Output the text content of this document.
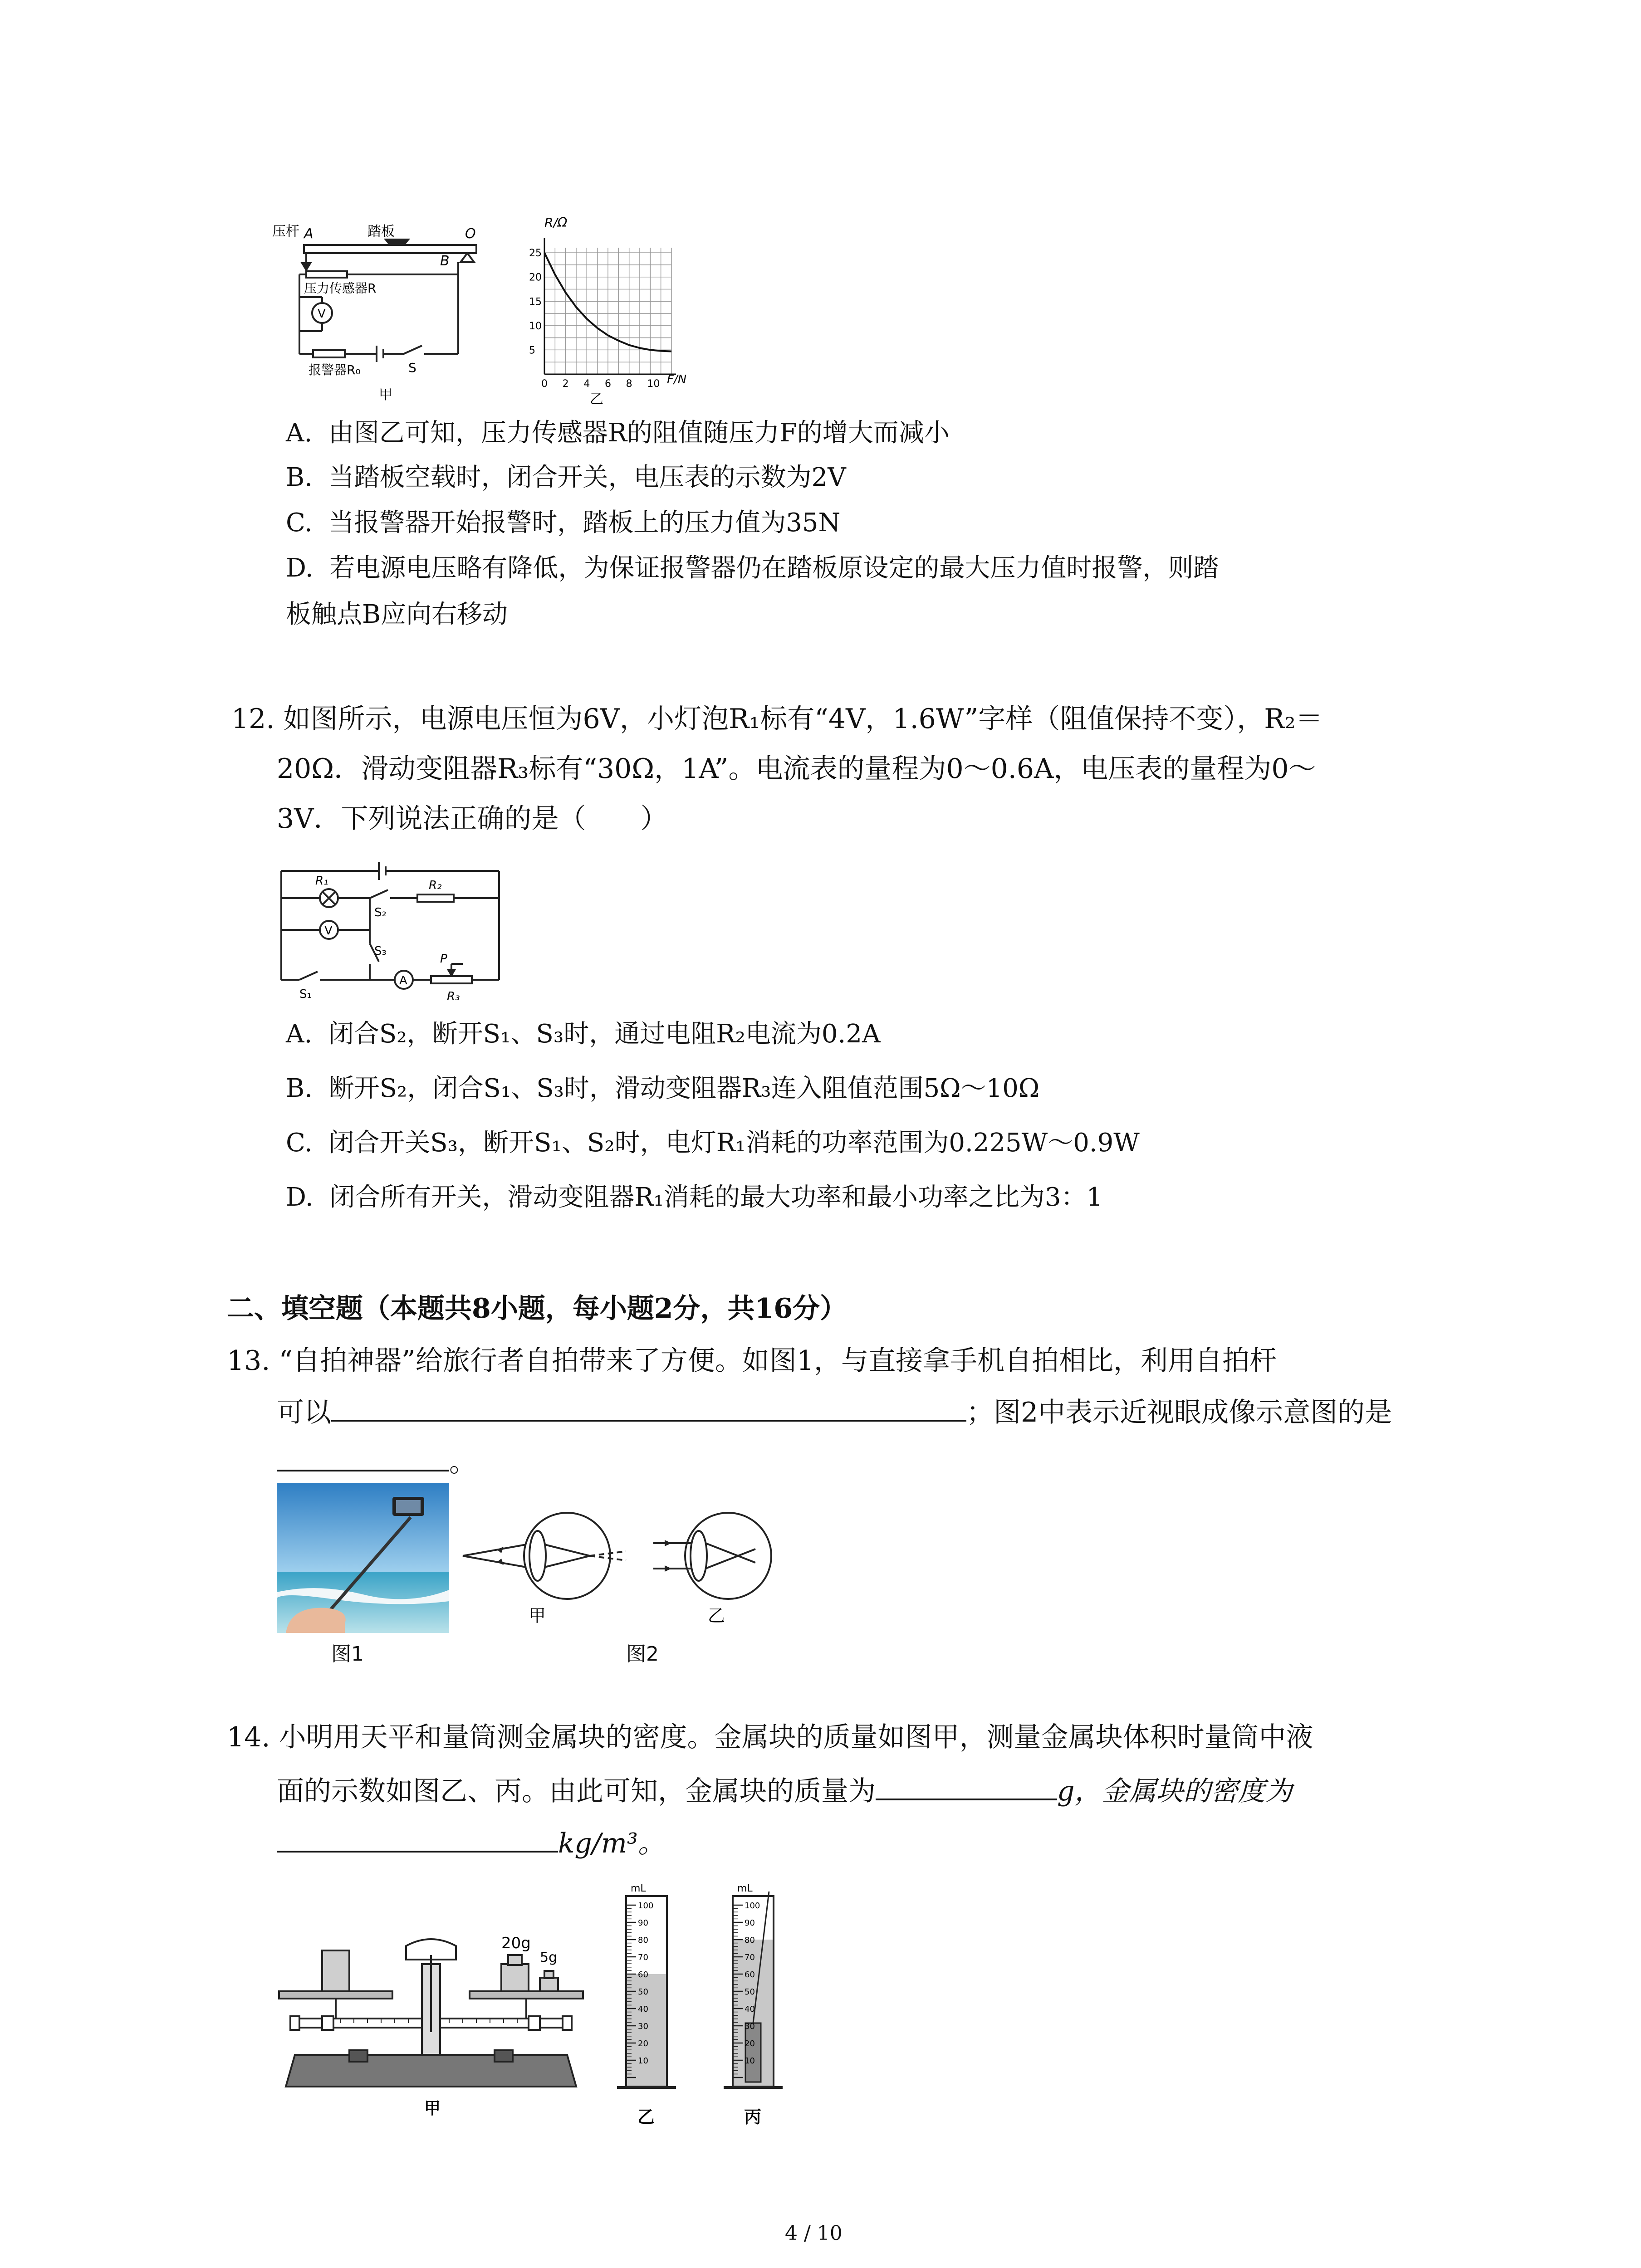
压杆 A	踏板	O
B
压力传感器R
V
报警器R₀	S
甲
0 2 4 6 8 10
5
10
15
20
25
R/Ω
F/N
乙
A. 由图乙可知，压力传感器R的阻值随压力F的增大而减小
B. 当踏板空载时，闭合开关，电压表的示数为2V
C. 当报警器开始报警时，踏板上的压力值为35N
D. 若电源电压略有降低，为保证报警器仍在踏板原设定的最大压力值时报警，则踏
板触点B应向右移动
12. 如图所示，电源电压恒为6V，小灯泡R₁标有“4V，1.6W”字样（阻值保持不变），R₂＝
20Ω．滑动变阻器R₃标有“30Ω，1A”。电流表的量程为0～0.6A，电压表的量程为0～
3V．下列说法正确的是（　　）
R₁
V
S₂
R₂
S₃
S₁
A
P
R₃
A. 闭合S₂，断开S₁、S₃时，通过电阻R₂电流为0.2A
B. 断开S₂，闭合S₁、S₃时，滑动变阻器R₃连入阻值范围5Ω～10Ω
C. 闭合开关S₃，断开S₁、S₂时，电灯R₁消耗的功率范围为0.225W～0.9W
D. 闭合所有开关，滑动变阻器R₁消耗的最大功率和最小功率之比为3：1
二、填空题（本题共8小题，每小题2分，共16分）
13. “自拍神器”给旅行者自拍带来了方便。如图1，与直接拿手机自拍相比，利用自拍杆
可以	；图2中表示近视眼成像示意图的是
。
图1
甲	乙
图2
14. 小明用天平和量筒测金属块的密度。金属块的质量如图甲，测量金属块体积时量筒中液
面的示数如图乙、丙。由此可知，金属块的质量为	g，金属块的密度为
kg/m³。
20g
5g
甲
100
90
80
70
60
50
40
30
20
10
mL
乙
100
90
80
70
60
50
40
30
20
10
mL
丙
4 / 10
